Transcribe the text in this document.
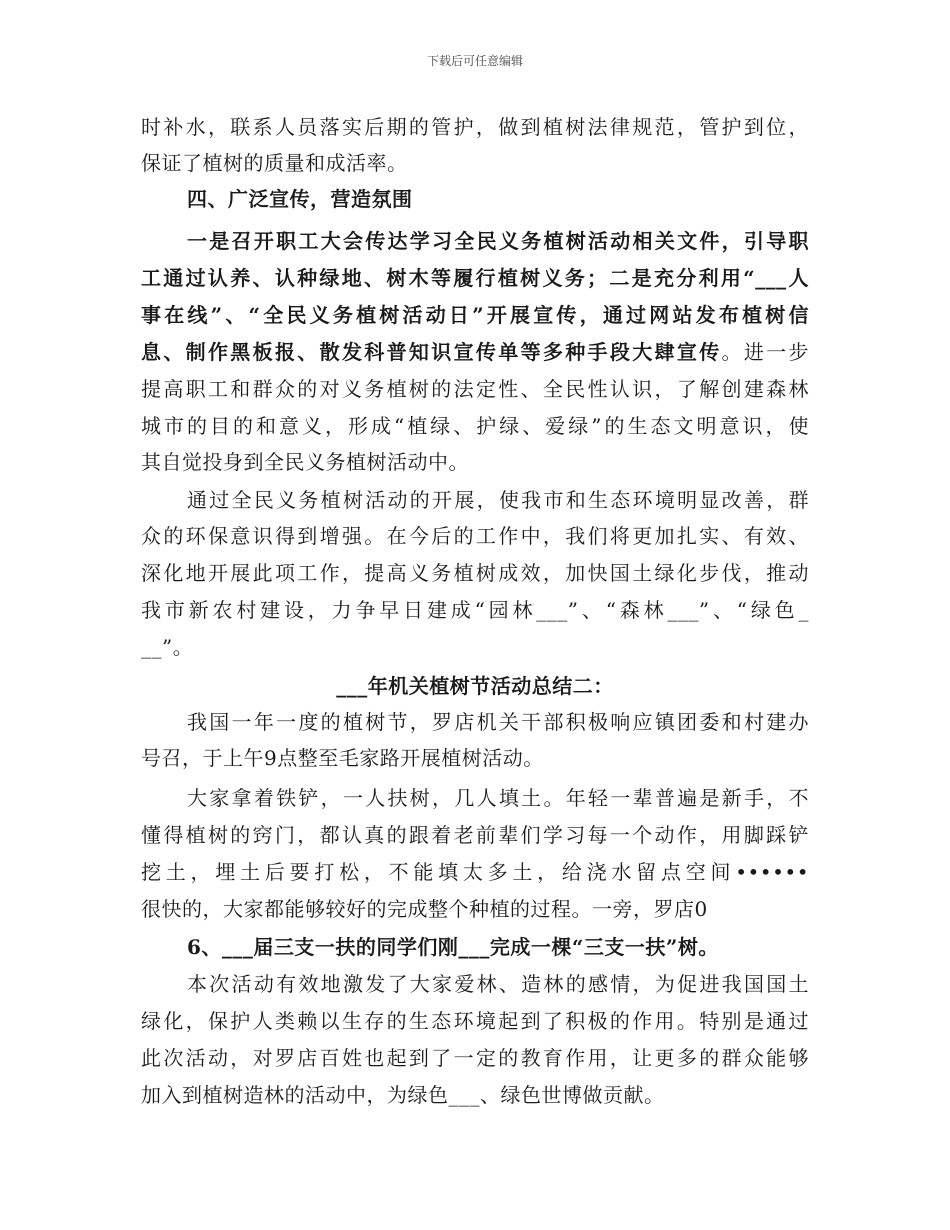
下载后可任意编辑
时补水，联系人员落实后期的管护，做到植树法律规范，管护到位，
保证了植树的质量和成活率。
四、广泛宣传，营造氛围
一是召开职工大会传达学习全民义务植树活动相关文件，引导职
工通过认养、认种绿地、树木等履行植树义务；二是充分利用“___人
事在线”、“全民义务植树活动日”开展宣传，通过网站发布植树信
息、制作黑板报、散发科普知识宣传单等多种手段大肆宣传。进一步
提高职工和群众的对义务植树的法定性、全民性认识，了解创建森林
城市的目的和意义，形成“植绿、护绿、爱绿”的生态文明意识，使
其自觉投身到全民义务植树活动中。
通过全民义务植树活动的开展，使我市和生态环境明显改善，群
众的环保意识得到增强。在今后的工作中，我们将更加扎实、有效、
深化地开展此项工作，提高义务植树成效，加快国土绿化步伐，推动
我市新农村建设，力争早日建成“园林___”、“森林___”、“绿色_
__”。
___年机关植树节活动总结二：
我国一年一度的植树节，罗店机关干部积极响应镇团委和村建办
号召，于上午9点整至毛家路开展植树活动。
大家拿着铁铲，一人扶树，几人填土。年轻一辈普遍是新手，不
懂得植树的窍门，都认真的跟着老前辈们学习每一个动作，用脚踩铲
挖土，埋土后要打松，不能填太多土，给浇水留点空间••••••
很快的，大家都能够较好的完成整个种植的过程。一旁，罗店0
6、___届三支一扶的同学们刚___完成一棵“三支一扶”树。
本次活动有效地激发了大家爱林、造林的感情，为促进我国国土
绿化，保护人类赖以生存的生态环境起到了积极的作用。特别是通过
此次活动，对罗店百姓也起到了一定的教育作用，让更多的群众能够
加入到植树造林的活动中，为绿色___、绿色世博做贡献。
